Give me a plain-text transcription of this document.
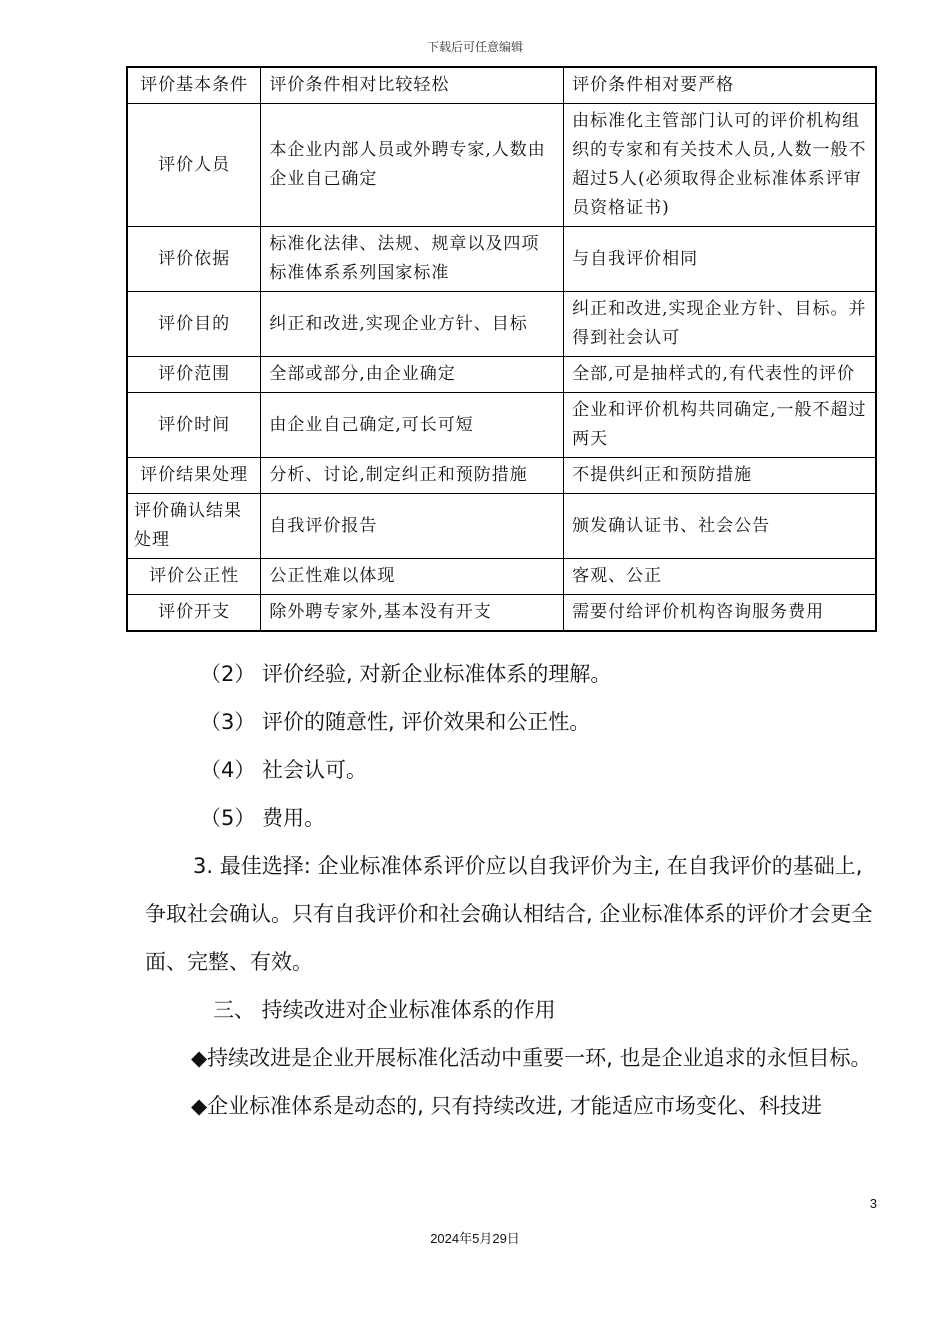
下载后可任意编辑
评价基本条件	评价条件相对比较轻松	评价条件相对要严格
评价人员	本企业内部人员或外聘专家,人数由企业自己确定	由标准化主管部门认可的评价机构组织的专家和有关技术人员,人数一般不超过5人(必须取得企业标准体系评审员资格证书)
评价依据	标准化法律、法规、规章以及四项标准体系系列国家标准	与自我评价相同
评价目的	纠正和改进,实现企业方针、目标	纠正和改进,实现企业方针、目标。并得到社会认可
评价范围	全部或部分,由企业确定	全部,可是抽样式的,有代表性的评价
评价时间	由企业自己确定,可长可短	企业和评价机构共同确定,一般不超过两天
评价结果处理	分析、讨论,制定纠正和预防措施	不提供纠正和预防措施
评价确认结果处理	自我评价报告	颁发确认证书、社会公告
评价公正性	公正性难以体现	客观、公正
评价开支	除外聘专家外,基本没有开支	需要付给评价机构咨询服务费用

（2） 评价经验, 对新企业标准体系的理解。

（3） 评价的随意性, 评价效果和公正性。

（4） 社会认可。

（5） 费用。

3. 最佳选择: 企业标准体系评价应以自我评价为主, 在自我评价的基础上, 争取社会确认。只有自我评价和社会确认相结合, 企业标准体系的评价才会更全面、完整、有效。

三、 持续改进对企业标准体系的作用

◆持续改进是企业开展标准化活动中重要一环, 也是企业追求的永恒目标。

◆企业标准体系是动态的, 只有持续改进, 才能适应市场变化、科技进

3
2024年5月29日
